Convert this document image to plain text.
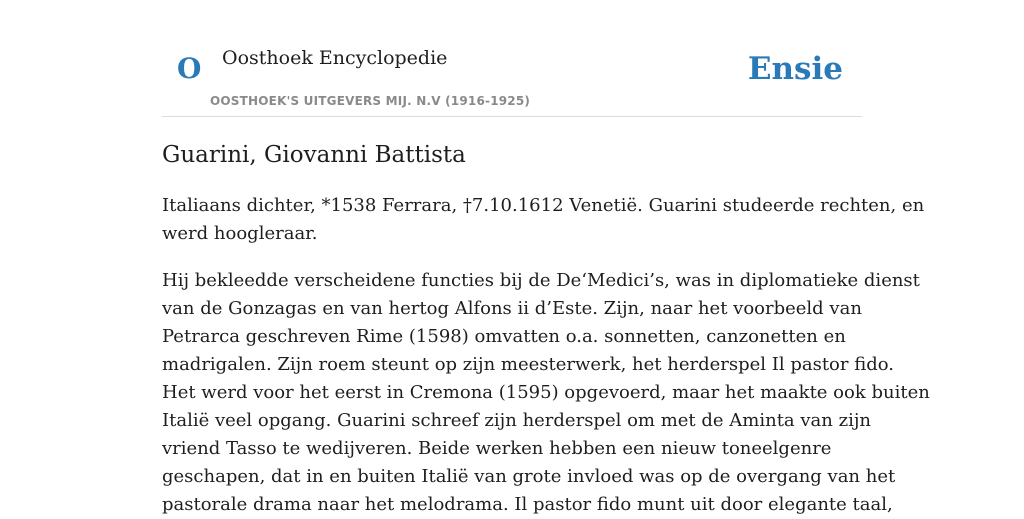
O Oosthoek Encyclopedie
OOSTHOEK'S UITGEVERS MIJ. N.V (1916-1925)
Ensie
Guarini, Giovanni Battista

Italiaans dichter, *1538 Ferrara, †7.10.1612 Venetië. Guarini studeerde rechten, en
werd hoogleraar.

Hij bekleedde verscheidene functies bij de De‘Medici’s, was in diplomatieke dienst
van de Gonzagas en van hertog Alfons ii d’Este. Zijn, naar het voorbeeld van
Petrarca geschreven Rime (1598) omvatten o.a. sonnetten, canzonetten en
madrigalen. Zijn roem steunt op zijn meesterwerk, het herderspel Il pastor fido.
Het werd voor het eerst in Cremona (1595) opgevoerd, maar het maakte ook buiten
Italië veel opgang. Guarini schreef zijn herderspel om met de Aminta van zijn
vriend Tasso te wedijveren. Beide werken hebben een nieuw toneelgenre
geschapen, dat in en buiten Italië van grote invloed was op de overgang van het
pastorale drama naar het melodrama. Il pastor fido munt uit door elegante taal,
